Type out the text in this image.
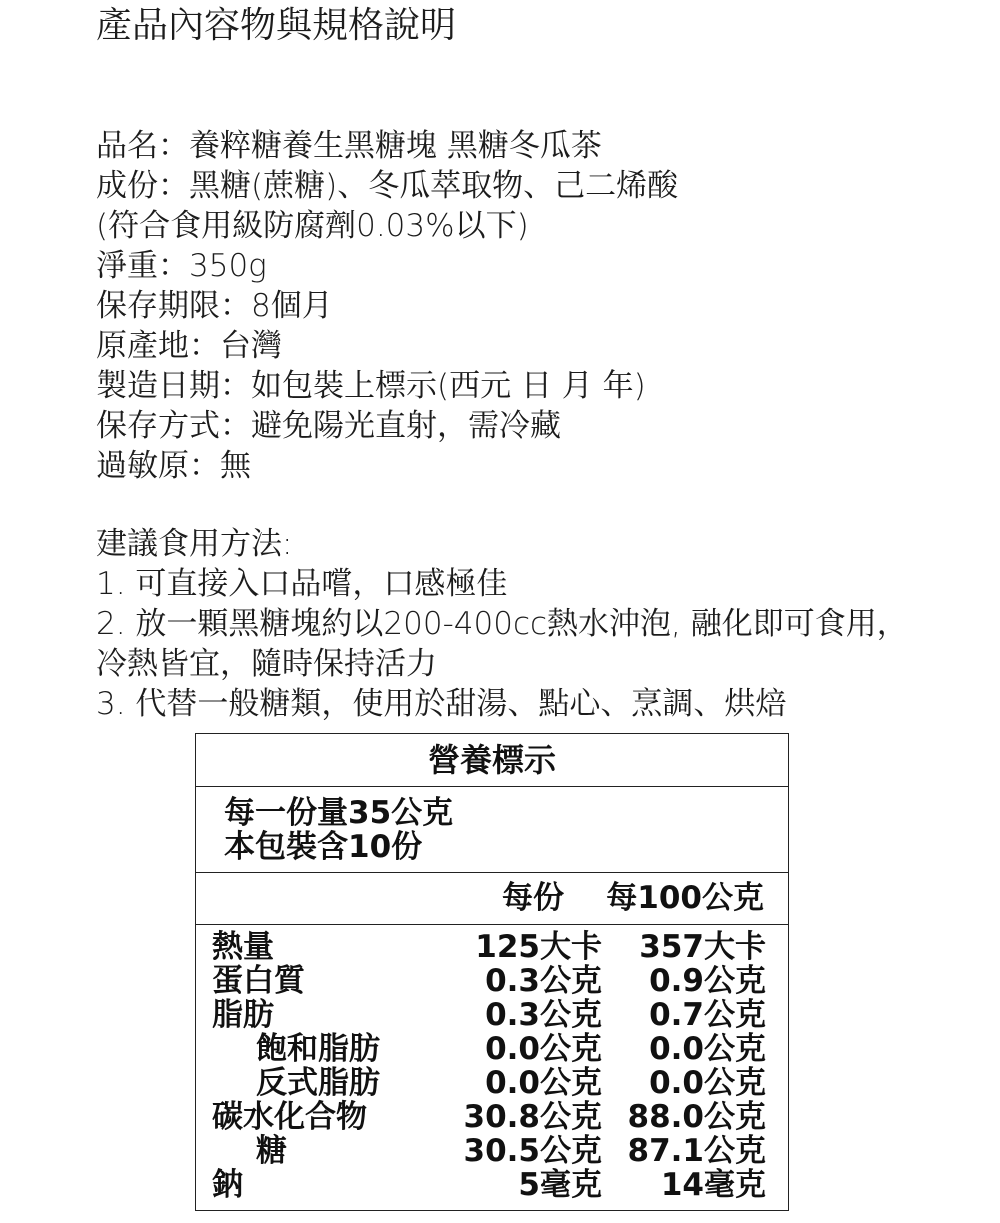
產品內容物與規格說明
品名：養粹糖養生黑糖塊 黑糖冬瓜茶
成份：黑糖(蔗糖)、冬瓜萃取物、己二烯酸
(符合食用級防腐劑0.03%以下)
淨重：350g
保存期限：8個月
原產地：台灣
製造日期：如包裝上標示(西元 日 月 年)
保存方式：避免陽光直射，需冷藏
過敏原：無
建議食用方法:
1. 可直接入口品嚐，口感極佳
2. 放一顆黑糖塊約以200-400cc熱水沖泡, 融化即可食用，
冷熱皆宜，隨時保持活力
3. 代替一般糖類，使用於甜湯、點心、烹調、烘焙
營養標示
每一份量35公克
本包裝含10份
每份 每100公克
熱量	125大卡 357大卡
蛋白質	0.3公克 0.9公克
脂肪	0.3公克 0.7公克
飽和脂肪	0.0公克 0.0公克
反式脂肪	0.0公克 0.0公克
碳水化合物	30.8公克 88.0公克
糖	30.5公克 87.1公克
鈉	5毫克 14毫克
